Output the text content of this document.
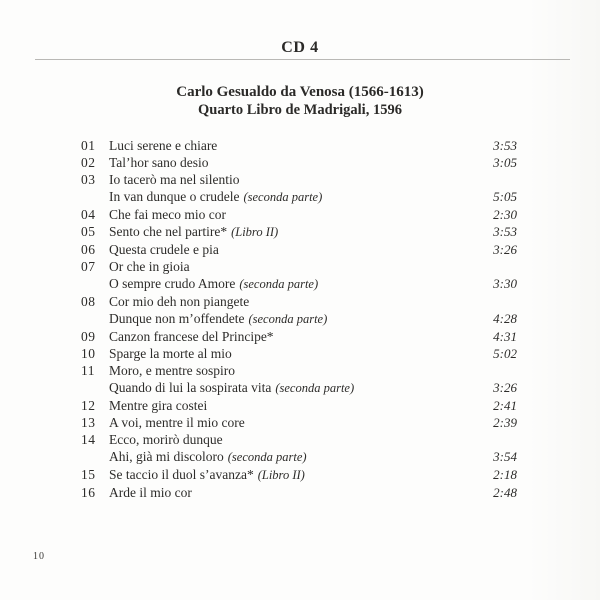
CD 4
Carlo Gesualdo da Venosa (1566-1613)
Quarto Libro de Madrigali, 1596
01	Luci serene e chiare	3:53
02	Tal’hor sano desio	3:05
03	Io tacerò ma nel silentio
In van dunque o crudele (seconda parte)	5:05
04	Che fai meco mio cor	2:30
05	Sento che nel partire* (Libro II)	3:53
06	Questa crudele e pia	3:26
07	Or che in gioia
O sempre crudo Amore (seconda parte)	3:30
08	Cor mio deh non piangete
Dunque non m’offendete (seconda parte)	4:28
09	Canzon francese del Principe*	4:31
10	Sparge la morte al mio	5:02
11	Moro, e mentre sospiro
Quando di lui la sospirata vita (seconda parte)	3:26
12	Mentre gira costei	2:41
13	A voi, mentre il mio core	2:39
14	Ecco, morirò dunque
Ahi, già mi discoloro (seconda parte)	3:54
15	Se taccio il duol s’avanza* (Libro II)	2:18
16	Arde il mio cor	2:48
10
